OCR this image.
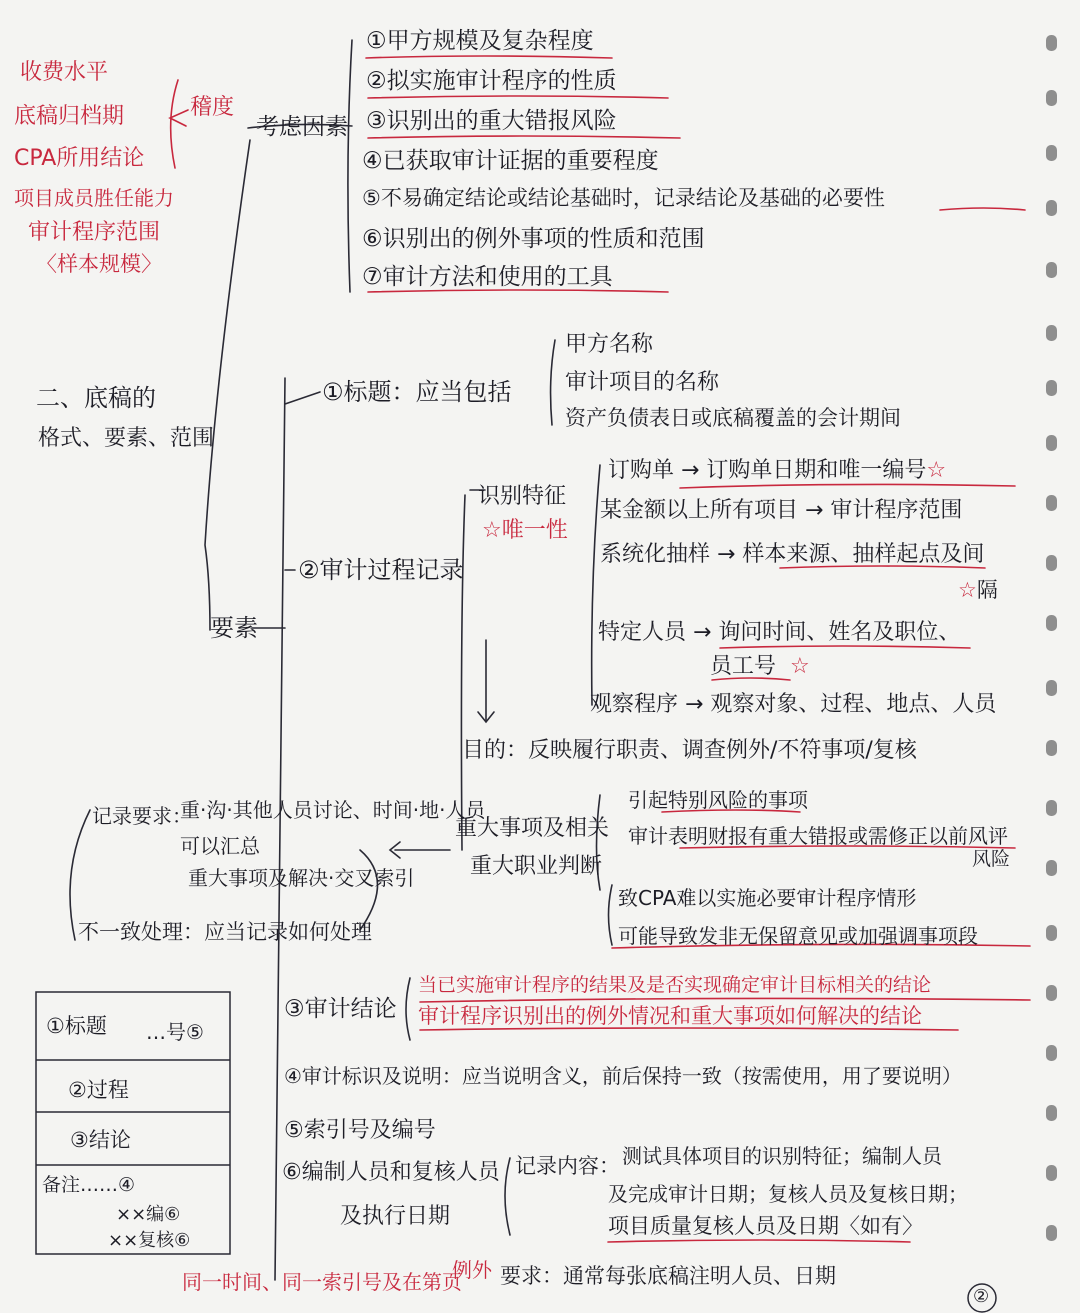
收费水平
底稿归档期
CPA所用结论
项目成员胜任能力
审计程序范围
〈样本规模〉
稽度
考虑因素
①甲方规模及复杂程度
②拟实施审计程序的性质
③识别出的重大错报风险
④已获取审计证据的重要程度
⑤不易确定结论或结论基础时，记录结论及基础的必要性
⑥识别出的例外事项的性质和范围
⑦审计方法和使用的工具
二、底稿的
格式、要素、范围
要素
①标题：应当包括
甲方名称
审计项目的名称
资产负债表日或底稿覆盖的会计期间
②审计过程记录
识别特征
☆唯一性
订购单 → 订购单日期和唯一编号☆
某金额以上所有项目 → 审计程序范围
系统化抽样 → 样本来源、抽样起点及间
☆隔
特定人员 → 询问时间、姓名及职位、
员工号 ☆
观察程序 → 观察对象、过程、地点、人员
目的：反映履行职责、调查例外/不符事项/复核
重大事项及相关
重大职业判断
引起特别风险的事项
审计表明财报有重大错报或需修正以前风评
风险
致CPA难以实施必要审计程序情形
可能导致发非无保留意见或加强调事项段
记录要求：
重·沟·其他人员讨论、时间·地·人员
可以汇总
重大事项及解决·交叉索引
不一致处理：应当记录如何处理
③审计结论
当已实施审计程序的结果及是否实现确定审计目标相关的结论
审计程序识别出的例外情况和重大事项如何解决的结论
④审计标识及说明：应当说明含义，前后保持一致（按需使用，用了要说明）
⑤索引号及编号
⑥编制人员和复核人员
及执行日期
记录内容： 测试具体项目的识别特征；编制人员
及完成审计日期；复核人员及复核日期；
项目质量复核人员及日期〈如有〉
①标题 …号⑤
②过程
③结论
备注……④
××编⑥
××复核⑥
同一时间、同一索引号及在第页
例外 要求：通常每张底稿注明人员、日期
②
